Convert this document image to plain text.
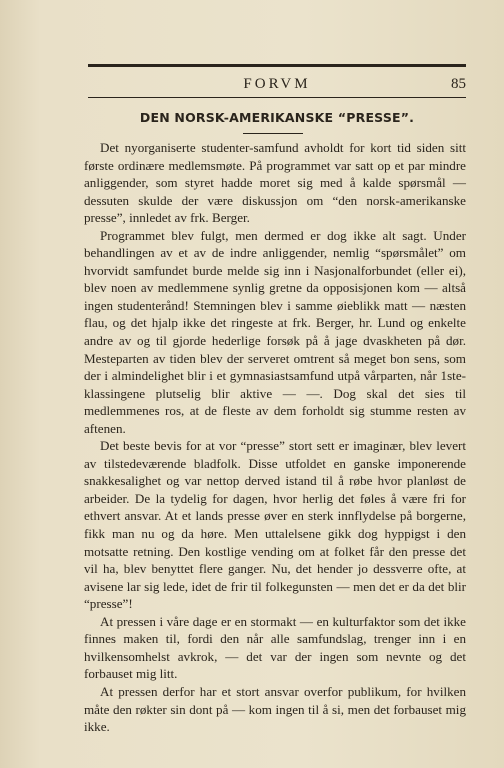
FORVM	85
DEN NORSK-AMERIKANSKE “PRESSE”.

Det nyorganiserte studenter-samfund avholdt for kort tid siden sitt første ordinære medlemsmøte. På programmet var satt op et par mindre anliggender, som styret hadde moret sig med å kalde spørsmål — dessuten skulde der være diskussjon om “den norsk-amerikanske presse”, innledet av frk. Berger.

Programmet blev fulgt, men dermed er dog ikke alt sagt. Under behandlingen av et av de indre anliggender, nemlig “spørsmålet” om hvorvidt samfundet burde melde sig inn i Nasjonalforbundet (eller ei), blev noen av medlemmene synlig gretne da opposisjonen kom — altså ingen studenterånd! Stemningen blev i samme øieblikk matt — næsten flau, og det hjalp ikke det ringeste at frk. Berger, hr. Lund og enkelte andre av og til gjorde hederlige forsøk på å jage dvaskheten på dør. Mesteparten av tiden blev der serveret omtrent så meget bon sens, som der i almindelighet blir i et gymnasiastsamfund utpå vårparten, når 1ste-klassingene plutselig blir aktive — —. Dog skal det sies til medlemmenes ros, at de fleste av dem forholdt sig stumme resten av aftenen.

Det beste bevis for at vor “presse” stort sett er imaginær, blev levert av tilstedeværende bladfolk. Disse utfoldet en ganske imponerende snakkesalighet og var nettop derved istand til å røbe hvor planløst de arbeider. De la tydelig for dagen, hvor herlig det føles å være fri for ethvert ansvar. At et lands presse øver en sterk innflydelse på borgerne, fikk man nu og da høre. Men uttalelsene gikk dog hyppigst i den motsatte retning. Den kostlige vending om at folket får den presse det vil ha, blev benyttet flere ganger. Nu, det hender jo dessverre ofte, at avisene lar sig lede, idet de frir til folkegunsten — men det er da det blir “presse”!

At pressen i våre dage er en stormakt — en kulturfaktor som det ikke finnes maken til, fordi den når alle samfundslag, trenger inn i en hvilkensomhelst avkrok, — det var der ingen som nevnte og det forbauset mig litt.

At pressen derfor har et stort ansvar overfor publikum, for hvilken måte den røkter sin dont på — kom ingen til å si, men det forbauset mig ikke.
